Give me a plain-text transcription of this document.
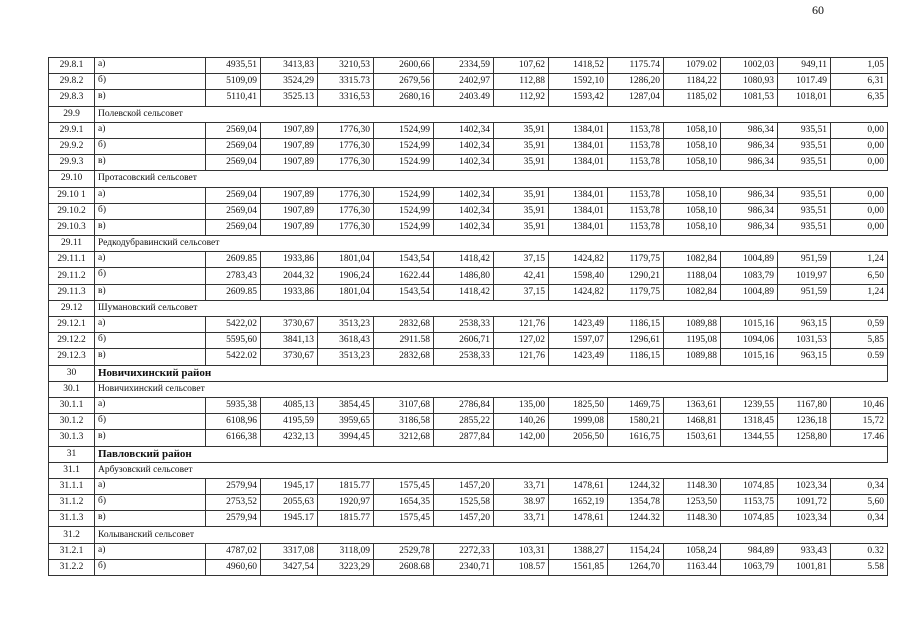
60
29.8.1	а)	4935,51	3413,83	3210,53	2600,66	2334,59	107,62	1418,52	1175.74	1079.02	1002,03	949,11	1,05
29.8.2	б)	5109,09	3524,29	3315.73	2679,56	2402,97	112,88	1592,10	1286,20	1184,22	1080,93	1017.49	6,31
29.8.3	в)	5110,41	3525.13	3316,53	2680,16	2403.49	112,92	1593,42	1287,04	1185,02	1081,53	1018,01	6,35
29.9	Полевской сельсовет												
29.9.1	а)	2569,04	1907,89	1776,30	1524,99	1402,34	35,91	1384,01	1153,78	1058,10	986,34	935,51	0,00
29.9.2	б)	2569,04	1907,89	1776,30	1524,99	1402,34	35,91	1384,01	1153,78	1058,10	986,34	935,51	0,00
29.9.3	в)	2569,04	1907,89	1776,30	1524.99	1402,34	35,91	1384,01	1153,78	1058,10	986,34	935,51	0,00
29.10	Протасовский сельсовет												
29.10 1	а)	2569,04	1907,89	1776,30	1524,99	1402,34	35,91	1384,01	1153,78	1058,10	986,34	935,51	0,00
29.10.2	б)	2569,04	1907,89	1776,30	1524,99	1402,34	35,91	1384,01	1153,78	1058,10	986,34	935,51	0,00
29.10.3	в)	2569,04	1907,89	1776,30	1524,99	1402,34	35,91	1384,01	1153,78	1058,10	986,34	935,51	0,00
29.11	Редкодубравинский сельсовет												
29.11.1	а)	2609.85	1933,86	1801,04	1543,54	1418,42	37,15	1424,82	1179,75	1082,84	1004,89	951,59	1,24
29.11.2	б)	2783,43	2044,32	1906,24	1622.44	1486,80	42,41	1598,40	1290,21	1188,04	1083,79	1019,97	6,50
29.11.3	в)	2609.85	1933,86	1801,04	1543,54	1418,42	37,15	1424,82	1179,75	1082,84	1004,89	951,59	1,24
29.12	Шумановский сельсовет												
29.12.1	а)	5422,02	3730,67	3513,23	2832,68	2538,33	121,76	1423,49	1186,15	1089,88	1015,16	963,15	0,59
29.12.2	б)	5595,60	3841,13	3618,43	2911.58	2606,71	127,02	1597,07	1296,61	1195,08	1094,06	1031,53	5,85
29.12.3	в)	5422.02	3730,67	3513,23	2832,68	2538,33	121,76	1423,49	1186,15	1089,88	1015,16	963,15	0.59
30	Новичихинский район												
30.1	Новичихинский сельсовет												
30.1.1	а)	5935,38	4085,13	3854,45	3107,68	2786,84	135,00	1825,50	1469,75	1363,61	1239,55	1167,80	10,46
30.1.2	б)	6108,96	4195,59	3959,65	3186,58	2855,22	140,26	1999,08	1580,21	1468,81	1318,45	1236,18	15,72
30.1.3	в)	6166,38	4232,13	3994,45	3212,68	2877,84	142,00	2056,50	1616,75	1503,61	1344,55	1258,80	17.46
31	Павловский район												
31.1	Арбузовский сельсовет												
31.1.1	а)	2579,94	1945,17	1815.77	1575,45	1457,20	33,71	1478,61	1244,32	1148.30	1074,85	1023,34	0,34
31.1.2	б)	2753,52	2055,63	1920,97	1654,35	1525,58	38.97	1652,19	1354,78	1253,50	1153,75	1091,72	5,60
31.1.3	в)	2579,94	1945.17	1815.77	1575,45	1457,20	33,71	1478,61	1244.32	1148.30	1074,85	1023,34	0,34
31.2	Колыванский сельсовет												
31.2.1	а)	4787,02	3317,08	3118,09	2529,78	2272,33	103,31	1388,27	1154,24	1058,24	984,89	933,43	0.32
31.2.2	б)	4960,60	3427,54	3223,29	2608.68	2340,71	108.57	1561,85	1264,70	1163.44	1063,79	1001,81	5.58
